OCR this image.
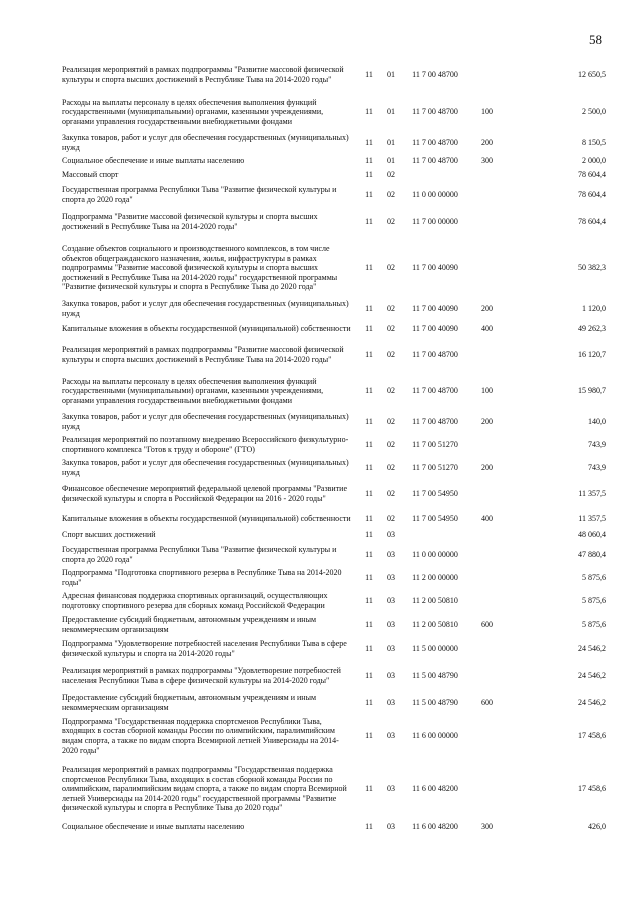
58
Реализация мероприятий в рамках подпрограммы "Развитие массовой физической культуры и спорта высших достижений в Республике Тыва на 2014-2020 годы"
11	01	11 7 00 48700	12 650,5
Расходы на выплаты персоналу в целях обеспечения выполнения функций государственными (муниципальными) органами, казенными учреждениями, органами управления государственными внебюджетными фондами
11	01	11 7 00 48700	100	2 500,0
Закупка товаров, работ и услуг для обеспечения государственных (муниципальных) нужд
11	01	11 7 00 48700	200	8 150,5
Социальное обеспечение и иные выплаты населению	11	01	11 7 00 48700	300	2 000,0
Массовый спорт	11	02	78 604,4
Государственная программа Республики Тыва "Развитие физической культуры и спорта до 2020 года"
11	02	11 0 00 00000	78 604,4
Подпрограмма "Развитие массовой физической культуры и спорта высших достижений в Республике Тыва на 2014-2020 годы"
11	02	11 7 00 00000	78 604,4
Создание объектов социального и производственного комплексов, в том числе объектов общегражданского назначения, жилья, инфраструктуры в рамках подпрограммы "Развитие массовой физической культуры и спорта высших достижений в Республике Тыва на 2014-2020 годы" государственной программы "Развитие физической культуры и спорта в Республике Тыва до 2020 года"
11	02	11 7 00 40090	50 382,3
Закупка товаров, работ и услуг для обеспечения государственных (муниципальных) нужд
11	02	11 7 00 40090	200	1 120,0
Капитальные вложения в объекты государственной (муниципальной) собственности	11	02	11 7 00 40090	400	49 262,3
Реализация мероприятий в рамках подпрограммы "Развитие массовой физической культуры и спорта высших достижений в Республике Тыва на 2014-2020 годы"
11	02	11 7 00 48700	16 120,7
Расходы на выплаты персоналу в целях обеспечения выполнения функций государственными (муниципальными) органами, казенными учреждениями, органами управления государственными внебюджетными фондами
11	02	11 7 00 48700	100	15 980,7
Закупка товаров, работ и услуг для обеспечения государственных (муниципальных) нужд
11	02	11 7 00 48700	200	140,0
Реализация мероприятий по поэтапному внедрению Всероссийского физкультурно-спортивного комплекса "Готов к труду и обороне" (ГТО)
11	02	11 7 00 51270	743,9
Закупка товаров, работ и услуг для обеспечения государственных (муниципальных) нужд
11	02	11 7 00 51270	200	743,9
Финансовое обеспечение мероприятий федеральной целевой программы "Развитие физической культуры и спорта в Российской Федерации на 2016 - 2020 годы"
11	02	11 7 00 54950	11 357,5
Капитальные вложения в объекты государственной (муниципальной) собственности	11	02	11 7 00 54950	400	11 357,5
Спорт высших достижений	11	03	48 060,4
Государственная программа Республики Тыва "Развитие физической культуры и спорта до 2020 года"
11	03	11 0 00 00000	47 880,4
Подпрограмма "Подготовка спортивного резерва в Республике Тыва на 2014-2020 годы"
11	03	11 2 00 00000	5 875,6
Адресная финансовая поддержка спортивных организаций, осуществляющих подготовку спортивного резерва для сборных команд Российской Федерации
11	03	11 2 00 50810	5 875,6
Предоставление субсидий бюджетным, автономным учреждениям и иным некоммерческим организациям
11	03	11 2 00 50810	600	5 875,6
Подпрограмма "Удовлетворение потребностей населения Республики Тыва в сфере физической культуры и спорта на 2014-2020 годы"
11	03	11 5 00 00000	24 546,2
Реализация мероприятий в рамках подпрограммы "Удовлетворение потребностей населения Республики Тыва в сфере физической культуры на 2014-2020 годы"
11	03	11 5 00 48790	24 546,2
Предоставление субсидий бюджетным, автономным учреждениям и иным некоммерческим организациям
11	03	11 5 00 48790	600	24 546,2
Подпрограмма "Государственная поддержка спортсменов Республики Тыва, входящих в состав сборной команды России по олимпийским, паралимпийским видам спорта, а также по видам спорта Всемирной летней Универсиады на 2014-2020 годы"
11	03	11 6 00 00000	17 458,6
Реализация мероприятий в рамках подпрограммы "Государственная поддержка спортсменов Республики Тыва, входящих в состав сборной команды России по олимпийским, паралимпийским видам спорта, а также по видам спорта Всемирной летней Универсиады на 2014-2020 годы" государственной программы "Развитие физической культуры и спорта в Республике Тыва до 2020 годы"
11	03	11 6 00 48200	17 458,6
Социальное обеспечение и иные выплаты населению	11	03	11 6 00 48200	300	426,0
